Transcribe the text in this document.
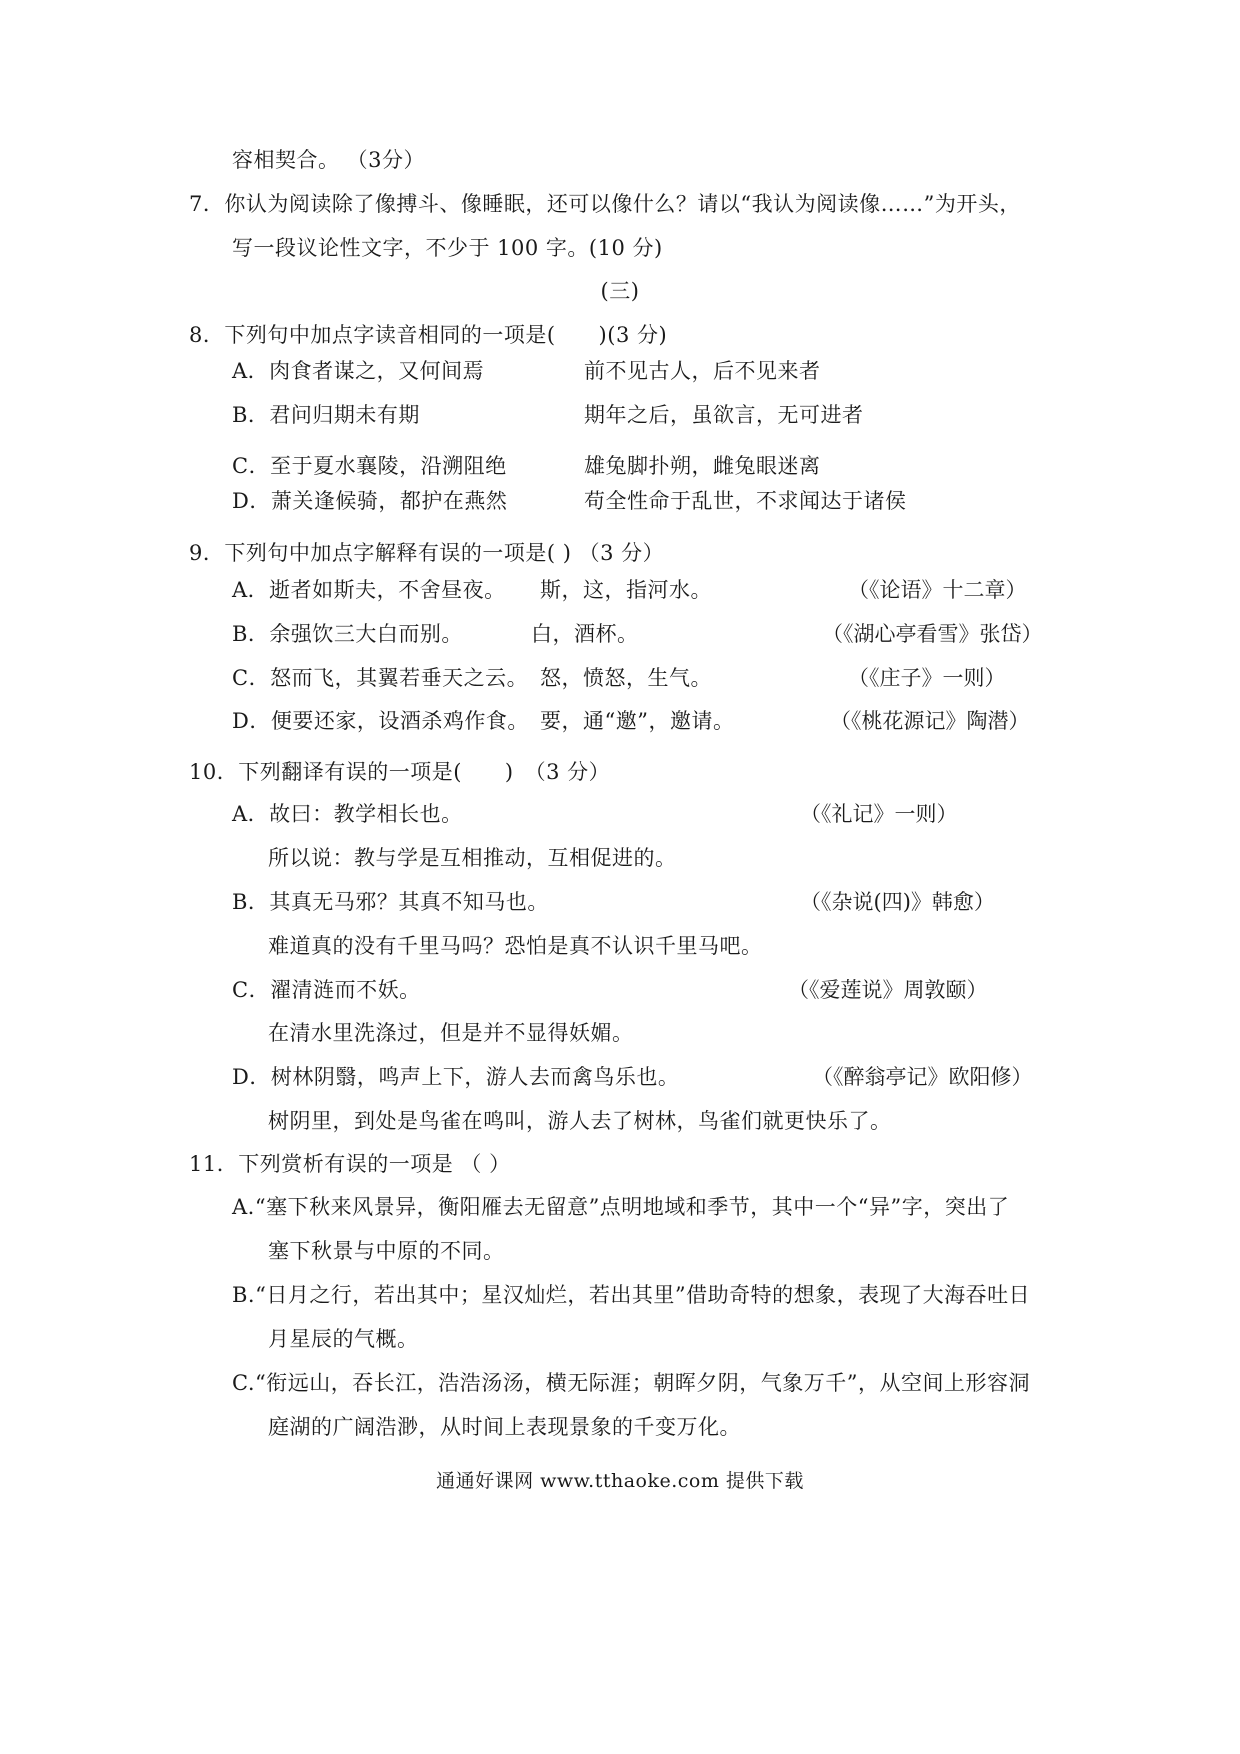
容相契合。 （3分）
7．你认为阅读除了像搏斗、像睡眠，还可以像什么？请以“我认为阅读像……”为开头，
写一段议论性文字，不少于 100 字。(10 分)
(三)
8．下列句中加点字读音相同的一项是(　　)(3 分)
A．肉食者谋之，又何间焉	前不见古人，后不见来者
B．君问归期未有期	期年之后，虽欲言，无可进者
C．至于夏水襄陵，沿溯阻绝	雄兔脚扑朔，雌兔眼迷离
D．萧关逢候骑，都护在燕然	苟全性命于乱世，不求闻达于诸侯
9．下列句中加点字解释有误的一项是( ) （3 分）
A．逝者如斯夫，不舍昼夜。 斯，这，指河水。	（《论语》十二章）
B．余强饮三大白而别。	白，酒杯。	（《湖心亭看雪》张岱）
C．怒而飞，其翼若垂天之云。 怒，愤怒，生气。	（《庄子》一则）
D．便要还家，设酒杀鸡作食。 要，通“邀”，邀请。	（《桃花源记》陶潜）
10．下列翻译有误的一项是(　　)　（3 分）
A．故曰：教学相长也。	（《礼记》一则）
所以说：教与学是互相推动，互相促进的。
B．其真无马邪？其真不知马也。	（《杂说(四)》韩愈）
难道真的没有千里马吗？恐怕是真不认识千里马吧。
C．濯清涟而不妖。	（《爱莲说》周敦颐）
在清水里洗涤过，但是并不显得妖媚。
D．树林阴翳，鸣声上下，游人去而禽鸟乐也。	（《醉翁亭记》欧阳修）
树阴里，到处是鸟雀在鸣叫，游人去了树林，鸟雀们就更快乐了。
11．下列赏析有误的一项是 （ ）
A.“塞下秋来风景异，衡阳雁去无留意”点明地域和季节，其中一个“异”字，突出了
塞下秋景与中原的不同。
B.“日月之行，若出其中；星汉灿烂，若出其里”借助奇特的想象，表现了大海吞吐日
月星辰的气概。
C.“衔远山，吞长江，浩浩汤汤，横无际涯；朝晖夕阴，气象万千”，从空间上形容洞
庭湖的广阔浩渺，从时间上表现景象的千变万化。
通通好课网 www.tthaoke.com 提供下载
